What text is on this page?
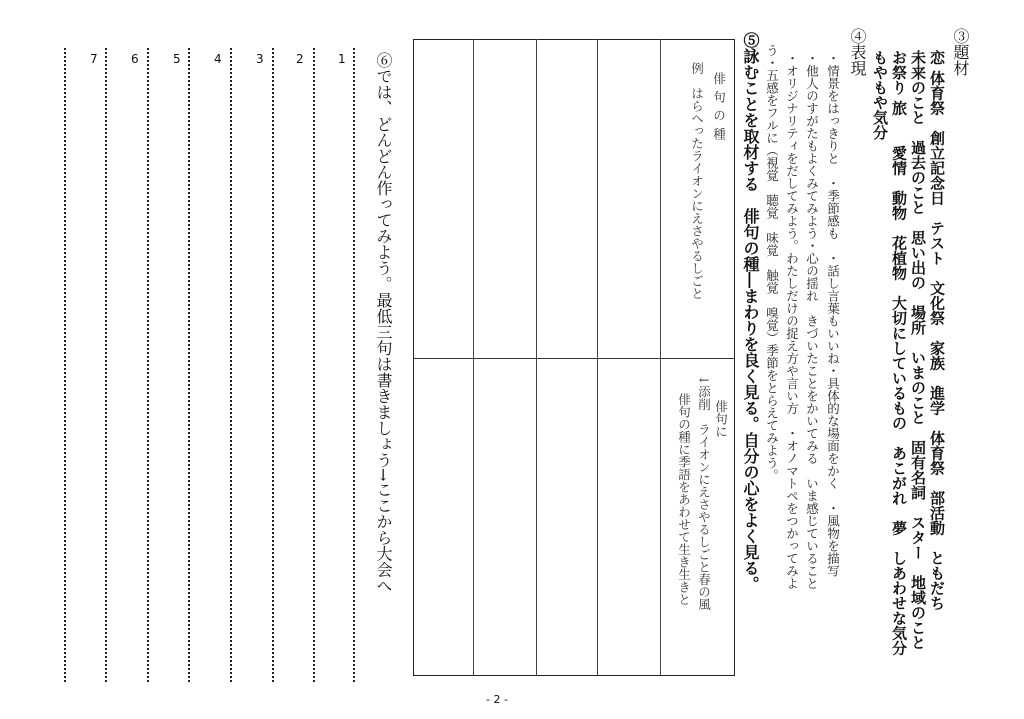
③題材
恋 体育祭　創立記念日　テスト　文化祭　家族　進学　体育祭　部活動　ともだち
未来のこと　過去のこと　思い出の　場所　いまのこと　固有名詞　スター　地域のこと
お祭り 旅　　愛情　動物　花植物　大切にしているもの　あこがれ　夢　しあわせな気分
もやもや気分
④表現
・情景をはっきりと　・季節感も　・話し言葉もいいね・具体的な場面をかく　・風物を描写
・他人のすがたもよくみてみよう・心の揺れ　きづいたことをかいてみる　いま感じていること
・オリジナリティをだしてみよう。わたしだけの捉え方や言い方　・オノマトペをつかってみよ
う・五感をフルに（視覚　聴覚　味覚　触覚　嗅覚）季節をとらえてみよう。
⑤詠むことを取材する　俳句の種―まわりを良く見る。自分の心をよく見る。
俳句の種
例　はらへったライオンにえさやるしごと
俳句に
↓添削　ライオンにえさやるしごと春の風
俳句の種に季語をあわせて生き生きと
⑥では、どんどん作ってみよう。最低三句は書きましょう→ここから大会へ
1
2
3
4
5
6
7
- 2 -
